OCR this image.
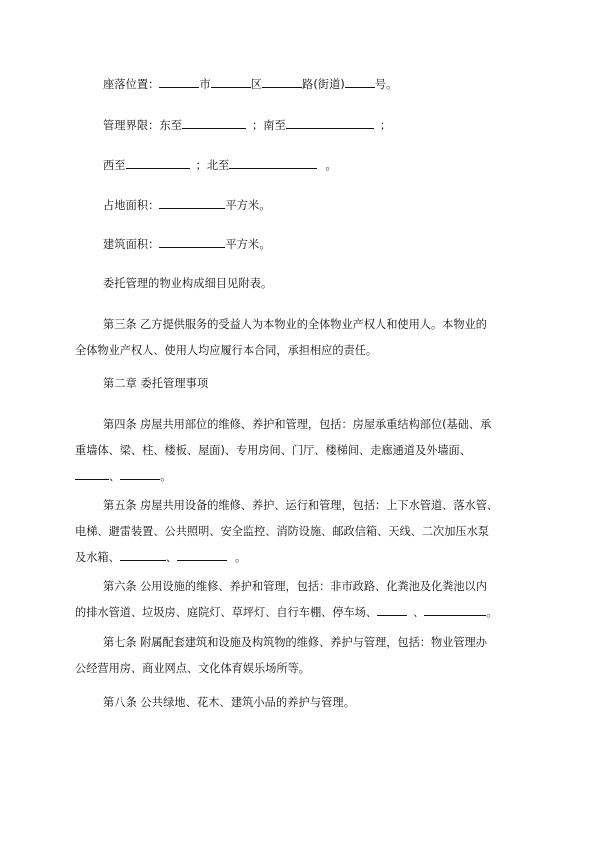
座落位置：	市	区	路(街道)	号。
管理界限：东至	；南至	；
西至	；北至	。
占地面积：	平方米。
建筑面积：	平方米。
委托管理的物业构成细目见附表。
第三条 乙方提供服务的受益人为本物业的全体物业产权人和使用人。本物业的
全体物业产权人、使用人均应履行本合同，承担相应的责任。
第二章 委托管理事项
第四条 房屋共用部位的维修、养护和管理，包括：房屋承重结构部位(基础、承
重墙体、梁、柱、楼板、屋面)、专用房间、门厅、楼梯间、走廊通道及外墙面、
、	。
第五条 房屋共用设备的维修、养护、运行和管理，包括：上下水管道、落水管、
电梯、避雷装置、公共照明、安全监控、消防设施、邮政信箱、天线、二次加压水泵
及水箱、	、	。
第六条 公用设施的维修、养护和管理，包括：非市政路、化粪池及化粪池以内
的排水管道、垃圾房、庭院灯、草坪灯、自行车棚、停车场、	、	。
第七条 附属配套建筑和设施及构筑物的维修、养护与管理，包括：物业管理办
公经营用房、商业网点、文化体育娱乐场所等。
第八条 公共绿地、花木、建筑小品的养护与管理。
